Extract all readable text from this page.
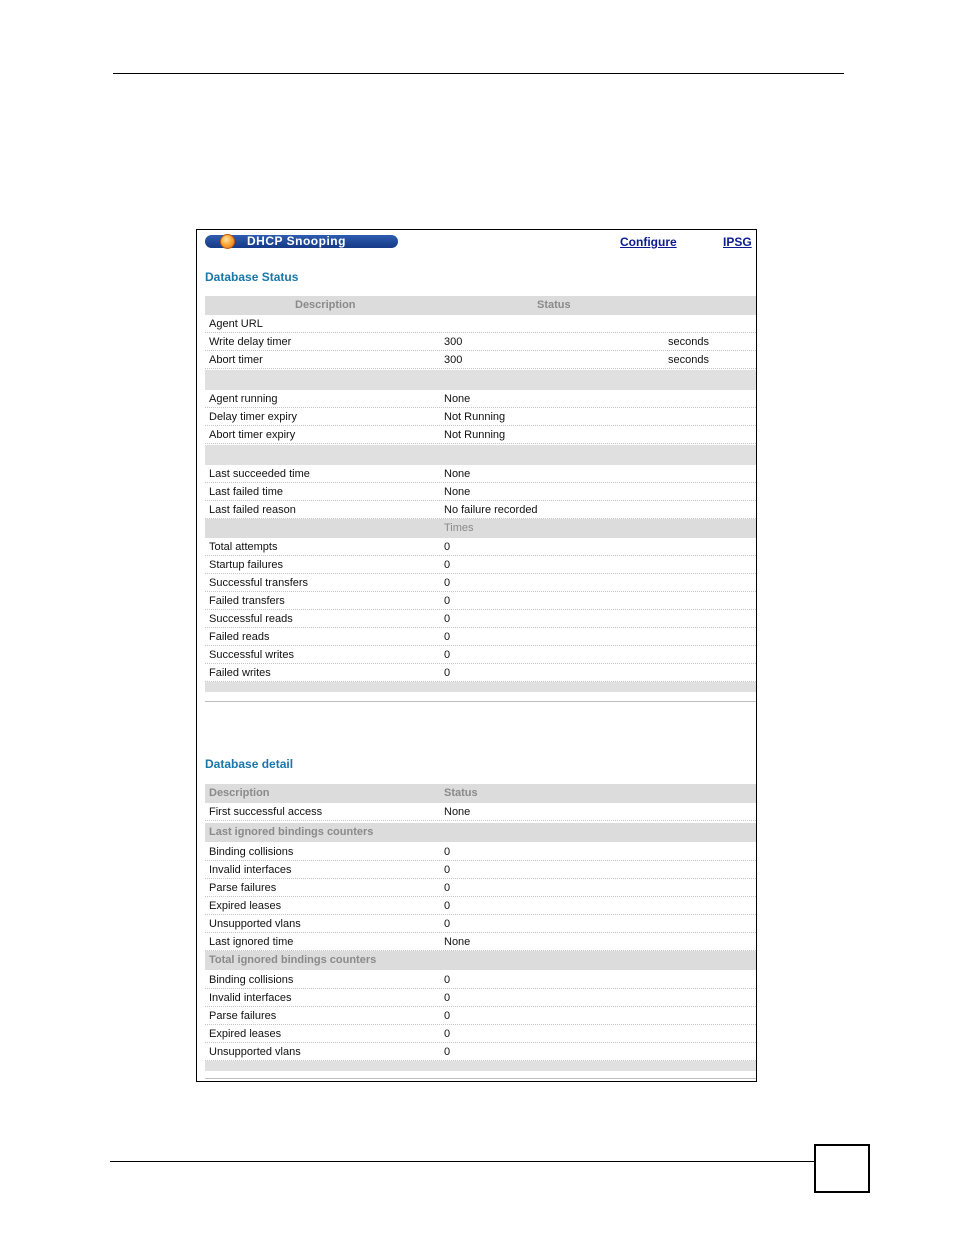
DHCP Snooping	Configure	IPSG
Database Status
Description	Status
Agent URL
Write delay timer	300	seconds
Abort timer	300	seconds
Agent running	None
Delay timer expiry	Not Running
Abort timer expiry	Not Running
Last succeeded time	None
Last failed time	None
Last failed reason	No failure recorded
Times
Total attempts	0
Startup failures	0
Successful transfers	0
Failed transfers	0
Successful reads	0
Failed reads	0
Successful writes	0
Failed writes	0
Database detail
Description	Status
First successful access	None
Last ignored bindings counters
Binding collisions	0
Invalid interfaces	0
Parse failures	0
Expired leases	0
Unsupported vlans	0
Last ignored time	None
Total ignored bindings counters
Binding collisions	0
Invalid interfaces	0
Parse failures	0
Expired leases	0
Unsupported vlans	0
